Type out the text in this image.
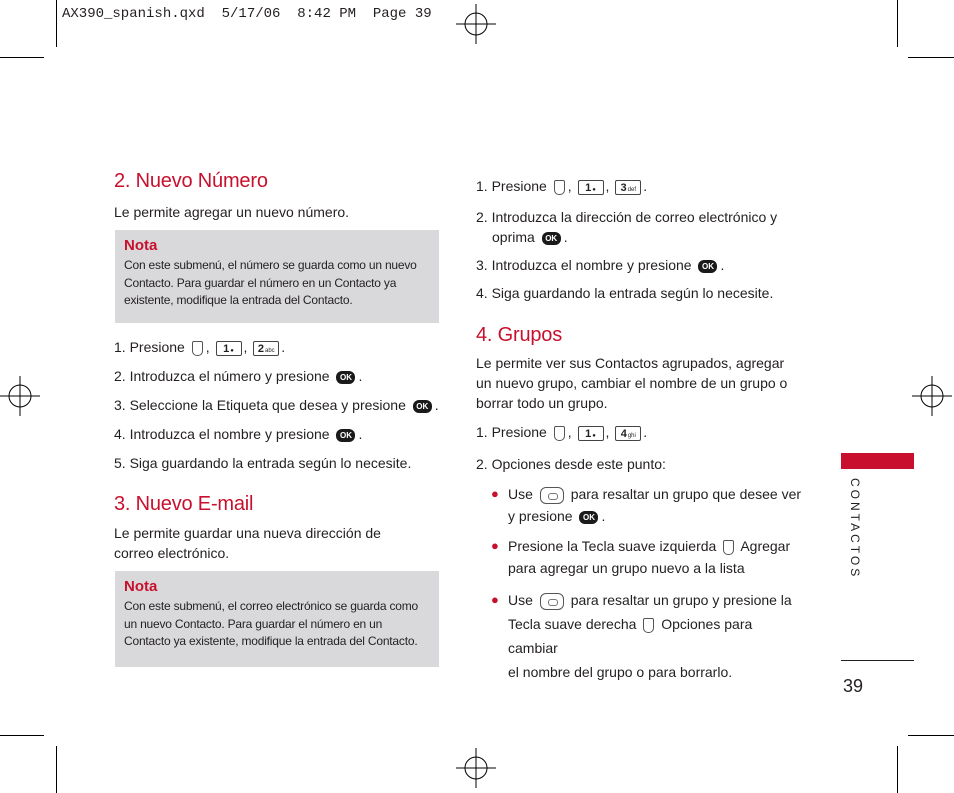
AX390_spanish.qxd  5/17/06  8:42 PM  Page 39
2. Nuevo Número

Le permite agregar un nuevo número.

Nota

Con este submenú, el número se guarda como un nuevo Contacto. Para guardar el número en un Contacto ya existente, modifique la entrada del Contacto.

1. Presione , 1● , 2abc .

2. Introduzca el número y presione OK .

3. Seleccione la Etiqueta que desea y presione OK .

4. Introduzca el nombre y presione OK .

5. Siga guardando la entrada según lo necesite.

3. Nuevo E-mail

Le permite guardar una nueva dirección de correo electrónico.

Nota

Con este submenú, el correo electrónico se guarda como un nuevo Contacto. Para guardar el número en un Contacto ya existente, modifique la entrada del Contacto.

1. Presione , 1● , 3def .

2. Introduzca la dirección de correo electrónico y

oprima OK .

3. Introduzca el nombre y presione OK .

4. Siga guardando la entrada según lo necesite.

4. Grupos

Le permite ver sus Contactos agrupados, agregar un nuevo grupo, cambiar el nombre de un grupo o borrar todo un grupo.

1. Presione , 1● , 4ghi .

2. Opciones desde este punto:

● Use	para resaltar un grupo que desee ver
y presione OK .
● Presione la Tecla suave izquierda Agregar
para agregar un grupo nuevo a la lista
● Use	para resaltar un grupo y presione la
Tecla suave derecha Opciones para cambiar
el nombre del grupo o para borrarlo.
CONTACTOS
39
